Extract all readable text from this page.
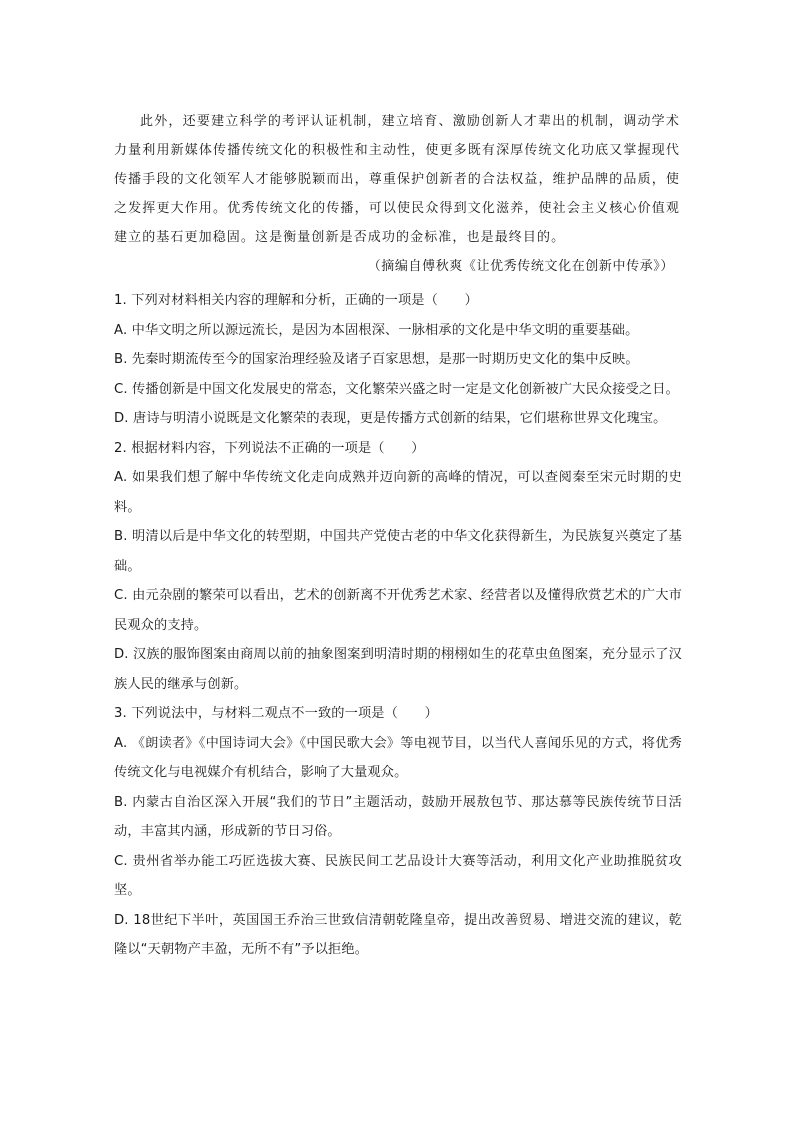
此外，还要建立科学的考评认证机制，建立培育、激励创新人才辈出的机制，调动学术力量利用新媒体传播传统文化的积极性和主动性，使更多既有深厚传统文化功底又掌握现代传播手段的文化领军人才能够脱颖而出，尊重保护创新者的合法权益，维护品牌的品质，使之发挥更大作用。优秀传统文化的传播，可以使民众得到文化滋养，使社会主义核心价值观建立的基石更加稳固。这是衡量创新是否成功的金标准，也是最终目的。

（摘编自傅秋爽《让优秀传统文化在创新中传承》）

1. 下列对材料相关内容的理解和分析，正确的一项是（　　）

A. 中华文明之所以源远流长，是因为本固根深、一脉相承的文化是中华文明的重要基础。

B. 先秦时期流传至今的国家治理经验及诸子百家思想，是那一时期历史文化的集中反映。

C. 传播创新是中国文化发展史的常态，文化繁荣兴盛之时一定是文化创新被广大民众接受之日。

D. 唐诗与明清小说既是文化繁荣的表现，更是传播方式创新的结果，它们堪称世界文化瑰宝。

2. 根据材料内容，下列说法不正确的一项是（　　）

A. 如果我们想了解中华传统文化走向成熟并迈向新的高峰的情况，可以查阅秦至宋元时期的史料。

B. 明清以后是中华文化的转型期，中国共产党使古老的中华文化获得新生，为民族复兴奠定了基础。

C. 由元杂剧的繁荣可以看出，艺术的创新离不开优秀艺术家、经营者以及懂得欣赏艺术的广大市民观众的支持。

D. 汉族的服饰图案由商周以前的抽象图案到明清时期的栩栩如生的花草虫鱼图案，充分显示了汉族人民的继承与创新。

3. 下列说法中，与材料二观点不一致的一项是（　　）

A. 《朗读者》《中国诗词大会》《中国民歌大会》等电视节目，以当代人喜闻乐见的方式，将优秀传统文化与电视媒介有机结合，影响了大量观众。

B. 内蒙古自治区深入开展“我们的节日”主题活动，鼓励开展敖包节、那达慕等民族传统节日活动，丰富其内涵，形成新的节日习俗。

C. 贵州省举办能工巧匠选拔大赛、民族民间工艺品设计大赛等活动，利用文化产业助推脱贫攻坚。

D. 18世纪下半叶，英国国王乔治三世致信清朝乾隆皇帝，提出改善贸易、增进交流的建议，乾隆以“天朝物产丰盈，无所不有”予以拒绝。
